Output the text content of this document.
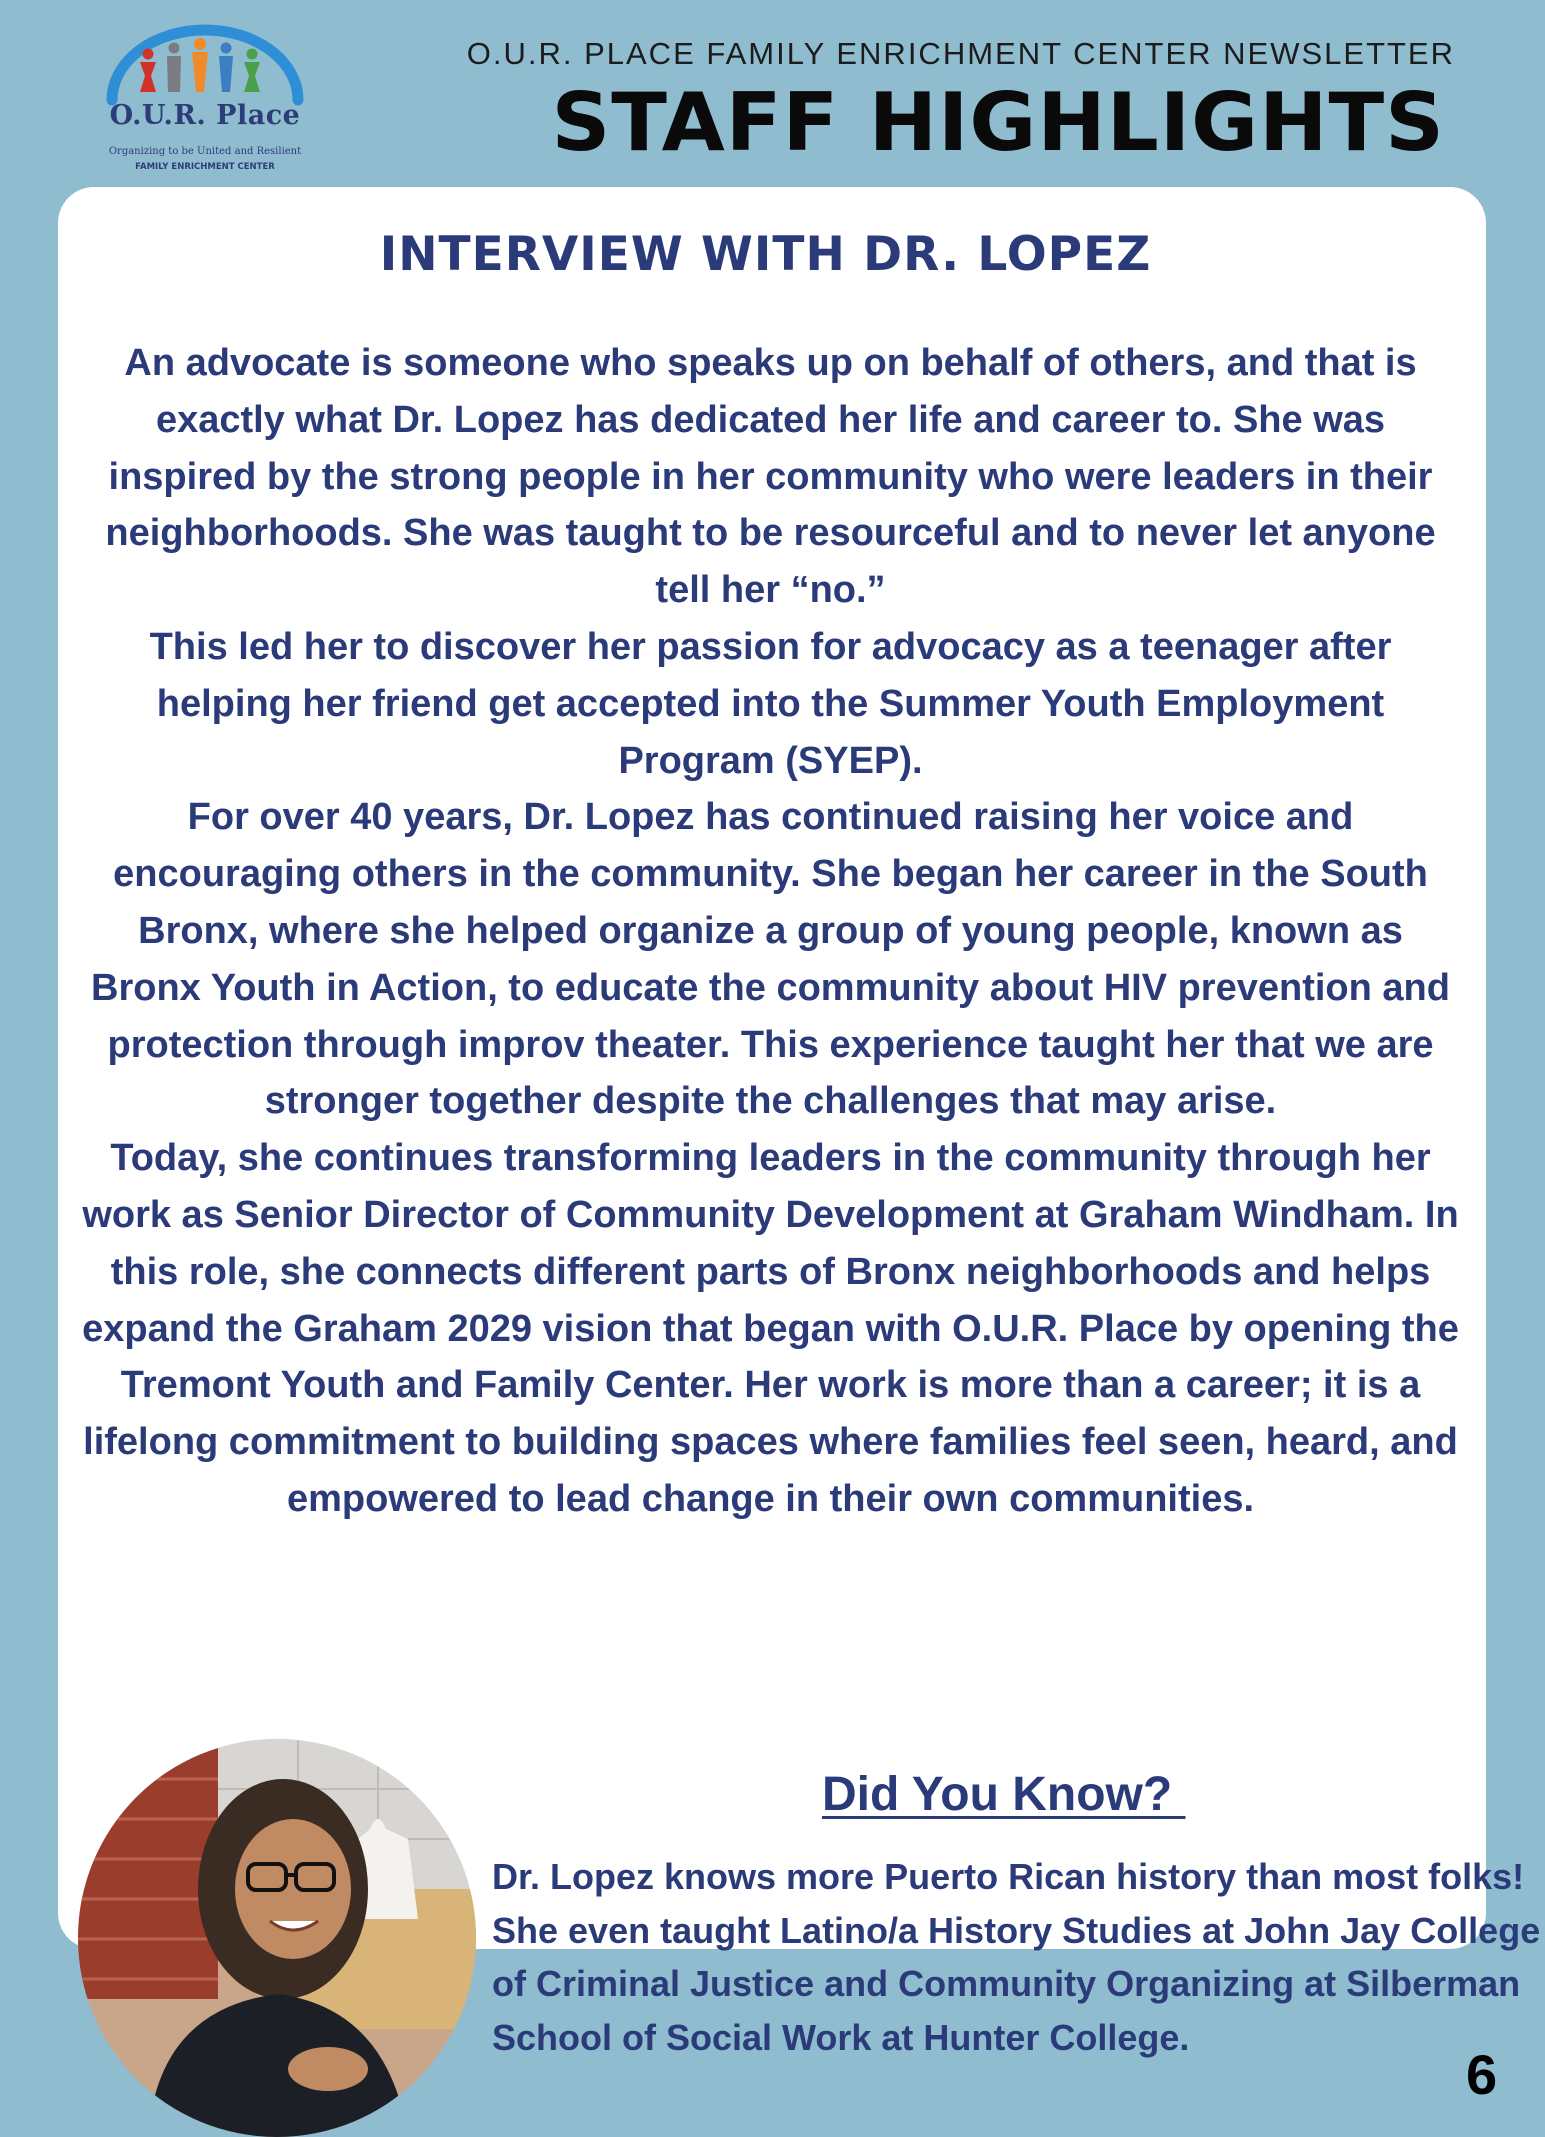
O.U.R. Place
Organizing to be United and Resilient
FAMILY ENRICHMENT CENTER
O.U.R. PLACE FAMILY ENRICHMENT CENTER NEWSLETTER
STAFF HIGHLIGHTS
INTERVIEW WITH DR. LOPEZ

An advocate is someone who speaks up on behalf of others, and that is exactly what Dr. Lopez has dedicated her life and career to. She was inspired by the strong people in her community who were leaders in their neighborhoods. She was taught to be resourceful and to never let anyone tell her “no.”

This led her to discover her passion for advocacy as a teenager after helping her friend get accepted into the Summer Youth Employment Program (SYEP).

For over 40 years, Dr. Lopez has continued raising her voice and encouraging others in the community. She began her career in the South Bronx, where she helped organize a group of young people, known as Bronx Youth in Action, to educate the community about HIV prevention and protection through improv theater. This experience taught her that we are stronger together despite the challenges that may arise.

Today, she continues transforming leaders in the community through her work as Senior Director of Community Development at Graham Windham. In this role, she connects different parts of Bronx neighborhoods and helps expand the Graham 2029 vision that began with O.U.R. Place by opening the Tremont Youth and Family Center. Her work is more than a career; it is a lifelong commitment to building spaces where families feel seen, heard, and empowered to lead change in their own communities.

Did You Know?
Dr. Lopez knows more Puerto Rican history than most folks! She even taught Latino/a History Studies at John Jay College of Criminal Justice and Community Organizing at Silberman School of Social Work at Hunter College.
6
